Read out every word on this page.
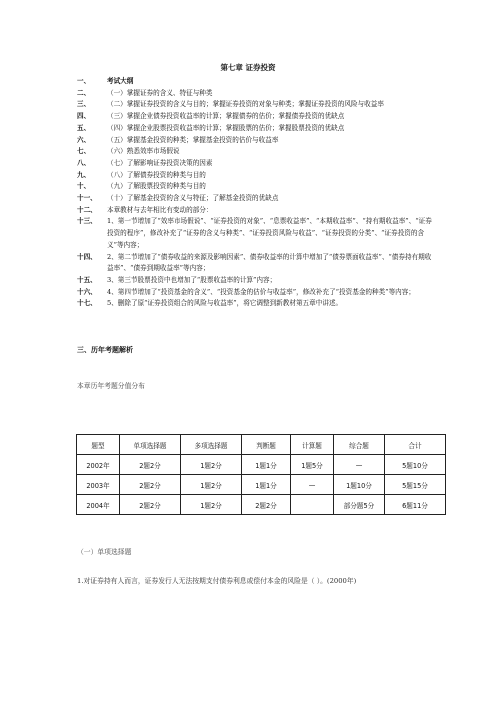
第七章 证券投资
一、	考试大纲
二、	（一）掌握证券的含义、特征与种类
三、	（二）掌握证券投资的含义与目的；掌握证券投资的对象与种类；掌握证券投资的风险与收益率
四、	（三）掌握企业债券投资收益率的计算；掌握债券的估价；掌握债券投资的优缺点
五、	（四）掌握企业股票投资收益率的计算；掌握股票的估价；掌握股票投资的优缺点
六、	（五）掌握基金投资的种类；掌握基金投资的估价与收益率
七、	（六）熟悉效率市场假说
八、	（七）了解影响证券投资决策的因素
九、	（八）了解债券投资的种类与目的
十、	（九）了解股票投资的种类与目的
十一、	（十）了解基金投资的含义与特征；了解基金投资的优缺点
十二、	本章教材与去年相比有变动的部分：
十三、	1、第一节增加了“效率市场假说”、“证券投资的对象”、“息票收益率”、“本期收益率”、“持有期收益率”、“证券投资的程序”，修改补充了“证券的含义与种类”、“证券投资风险与收益”、“证券投资的分类”、“证券投资的含义”等内容；
十四、	2、第二节增加了“债券收益的来源及影响因素”、债券收益率的计算中增加了“债券票面收益率”、“债券持有期收益率”、“债券到期收益率”等内容；
十五、	3、第三节股票投资中也增加了“股票收益率的计算”内容；
十六、	4、第四节增加了“投资基金的含义”、“投资基金的估价与收益率”，修改补充了“投资基金的种类”等内容；
十七、	5、删除了原“证券投资组合的风险与收益率”，将它调整到新教材第五章中讲述。
三、历年考题解析
本章历年考题分值分布
题型	单项选择题	多项选择题	判断题	计算题	综合题	合计
2002年	2题2分	1题2分	1题1分	1题5分	—	5题10分
2003年	2题2分	1题2分	1题1分	—	1题10分	5题15分
2004年	2题2分	1题2分	2题2分		部分题5分	6题11分
（一）单项选择题
1.对证券持有人而言，证券发行人无法按期支付债券利息或偿付本金的风险是（ ）。(2000年)
